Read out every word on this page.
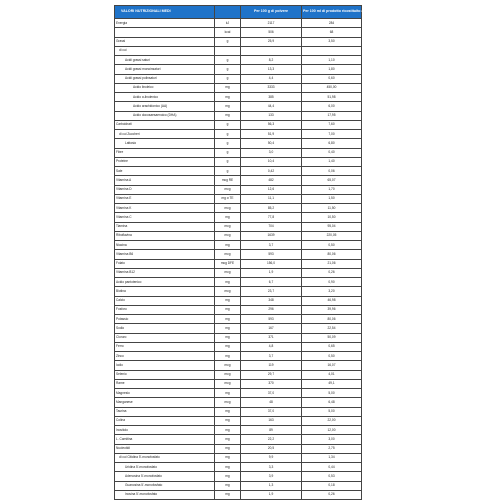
VALORI NUTRIZIONALI MEDI		Per 100 g di polvere	Per 100 ml di prodotto ricostituito al 13,0% p/v
Energia	kJ	2117	284
	kcal	506	68
Grassi	g	25,9	3,50
di cui			
Acidi grassi saturi	g	8,2	1,10
Acidi grassi monoinsaturi	g	13,3	1,80
Acidi grassi polinsaturi	g	4,4	0,60
Acido linoleico	mg	3333	450,00
Acido α-linolenico	mg	385	51,98
Acido arachidonico (AA)	mg	44,4	6,00
Acido docosaesaenoico (DHA)	mg	133	17,95
Carboidrati	g	56,3	7,60
di cui Zuccheri	g	51,9	7,00
Lattosio	g	50,4	6,80
Fibre	g	3,0	0,40
Proteine	g	10,4	1,40
Sale	g	0,42	0,06
Vitamina A	mcg RE	482	65,07
Vitamina D	mcg	12,6	1,70
Vitamina E	mg α TE	11,1	1,50
Vitamina K	mcg	85,2	11,50
Vitamina C	mg	77,8	10,50
Tiamina	mcg	704	95,04
Riboflavina	mcg	1639	220,05
Niacina	mg	3,7	0,50
Vitamina B6	mcg	593	80,06
Folato	mcg DFE	156,0	21,06
Vitamina B12	mcg	1,9	0,26
Acido pantotenico	mg	6,7	0,90
Biotina	mcg	23,7	3,20
Calcio	mg	348	46,98
Fosforo	mg	296	39,96
Potassio	mg	593	80,06
Sodio	mg	167	22,54
Cloruro	mg	371	50,09
Ferro	mg	4,8	0,65
Zinco	mg	3,7	0,50
Iodio	mcg	119	16,07
Selenio	mcg	29,7	4,01
Rame	mcg	370	49,1
Magnesio	mg	37,0	5,00
Manganese	mcg	48	6,48
Taurina	mg	37,0	5,00
Colina	mg	163	22,00
Inositolo	mg	89	12,00
L. Carnitina	mg	22,2	3,00
Nucleotidi	mg	20,5	2,75
di cui Citidina 5'-monofosfato	mg	9,9	1,34
Uridina 5'-monofosfato	mg	3,3	0,44
Adenosina 5'-monofosfato	mg	3,9	0,53
Guanosina 5'-monofosfato	mg	1,3	0,18
Inosina 5'-monofosfato	mg	1,9	0,26
